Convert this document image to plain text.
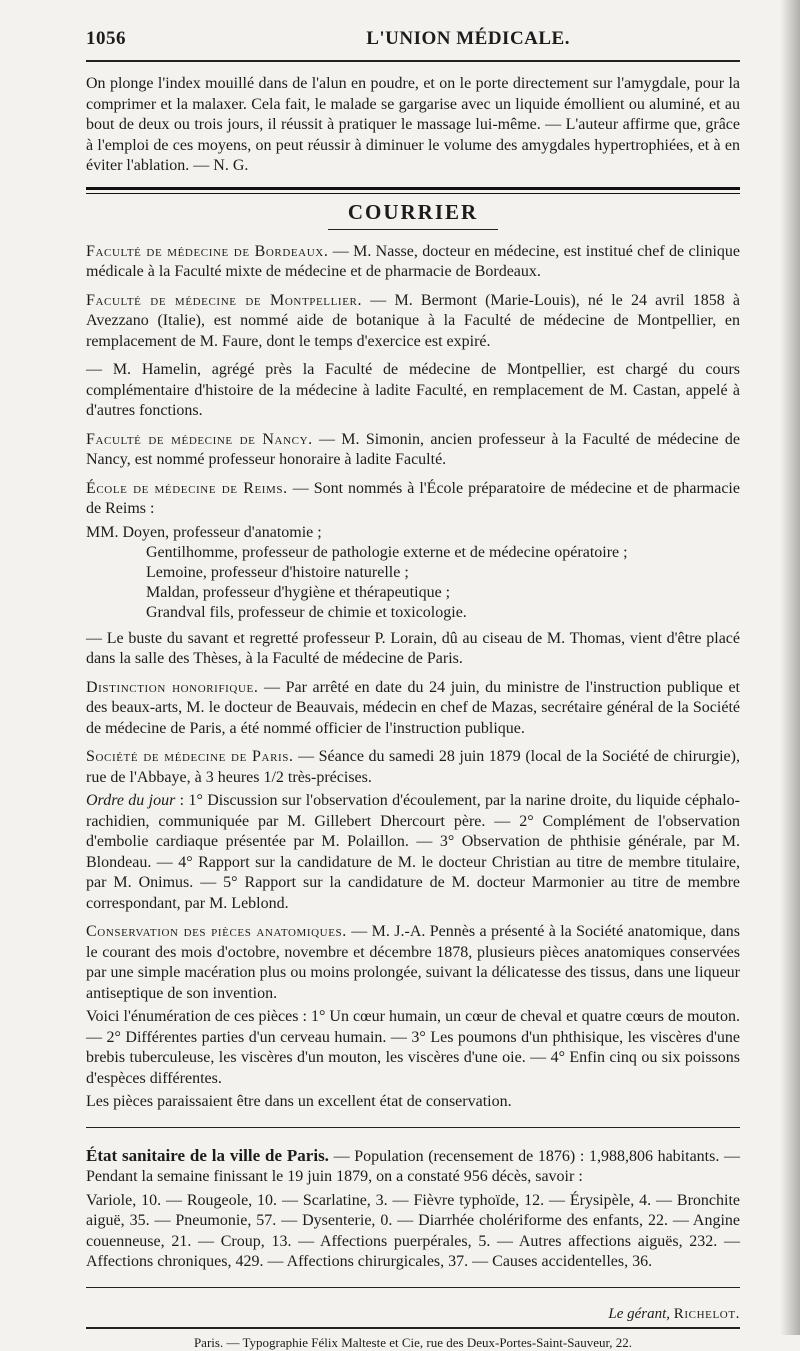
1056	L'UNION MÉDICALE.

On plonge l'index mouillé dans de l'alun en poudre, et on le porte directement sur l'amygdale, pour la comprimer et la malaxer. Cela fait, le malade se gargarise avec un liquide émollient ou aluminé, et au bout de deux ou trois jours, il réussit à pratiquer le massage lui-même. — L'auteur affirme que, grâce à l'emploi de ces moyens, on peut réussir à diminuer le volume des amygdales hypertrophiées, et à en éviter l'ablation. — N. G.

COURRIER

Faculté de médecine de Bordeaux. — M. Nasse, docteur en médecine, est institué chef de clinique médicale à la Faculté mixte de médecine et de pharmacie de Bordeaux.

Faculté de médecine de Montpellier. — M. Bermont (Marie-Louis), né le 24 avril 1858 à Avezzano (Italie), est nommé aide de botanique à la Faculté de médecine de Montpellier, en remplacement de M. Faure, dont le temps d'exercice est expiré.

— M. Hamelin, agrégé près la Faculté de médecine de Montpellier, est chargé du cours complémentaire d'histoire de la médecine à ladite Faculté, en remplacement de M. Castan, appelé à d'autres fonctions.

Faculté de médecine de Nancy. — M. Simonin, ancien professeur à la Faculté de médecine de Nancy, est nommé professeur honoraire à ladite Faculté.

École de médecine de Reims. — Sont nommés à l'École préparatoire de médecine et de pharmacie de Reims :

MM. Doyen, professeur d'anatomie ;
Gentilhomme, professeur de pathologie externe et de médecine opératoire ;
Lemoine, professeur d'histoire naturelle ;
Maldan, professeur d'hygiène et thérapeutique ;
Grandval fils, professeur de chimie et toxicologie.

— Le buste du savant et regretté professeur P. Lorain, dû au ciseau de M. Thomas, vient d'être placé dans la salle des Thèses, à la Faculté de médecine de Paris.

Distinction honorifique. — Par arrêté en date du 24 juin, du ministre de l'instruction publique et des beaux-arts, M. le docteur de Beauvais, médecin en chef de Mazas, secrétaire général de la Société de médecine de Paris, a été nommé officier de l'instruction publique.

Société de médecine de Paris. — Séance du samedi 28 juin 1879 (local de la Société de chirurgie), rue de l'Abbaye, à 3 heures 1/2 très-précises.

Ordre du jour : 1° Discussion sur l'observation d'écoulement, par la narine droite, du liquide céphalo-rachidien, communiquée par M. Gillebert Dhercourt père. — 2° Complément de l'observation d'embolie cardiaque présentée par M. Polaillon. — 3° Observation de phthisie générale, par M. Blondeau. — 4° Rapport sur la candidature de M. le docteur Christian au titre de membre titulaire, par M. Onimus. — 5° Rapport sur la candidature de M. docteur Marmonier au titre de membre correspondant, par M. Leblond.

Conservation des pièces anatomiques. — M. J.-A. Pennès a présenté à la Société anatomique, dans le courant des mois d'octobre, novembre et décembre 1878, plusieurs pièces anatomiques conservées par une simple macération plus ou moins prolongée, suivant la délicatesse des tissus, dans une liqueur antiseptique de son invention.

Voici l'énumération de ces pièces : 1° Un cœur humain, un cœur de cheval et quatre cœurs de mouton. — 2° Différentes parties d'un cerveau humain. — 3° Les poumons d'un phthisique, les viscères d'une brebis tuberculeuse, les viscères d'un mouton, les viscères d'une oie. — 4° Enfin cinq ou six poissons d'espèces différentes.

Les pièces paraissaient être dans un excellent état de conservation.

État sanitaire de la ville de Paris. — Population (recensement de 1876) : 1,988,806 habitants. — Pendant la semaine finissant le 19 juin 1879, on a constaté 956 décès, savoir :

Variole, 10. — Rougeole, 10. — Scarlatine, 3. — Fièvre typhoïde, 12. — Érysipèle, 4. — Bronchite aiguë, 35. — Pneumonie, 57. — Dysenterie, 0. — Diarrhée cholériforme des enfants, 22. — Angine couenneuse, 21. — Croup, 13. — Affections puerpérales, 5. — Autres affections aiguës, 232. — Affections chroniques, 429. — Affections chirurgicales, 37. — Causes accidentelles, 36.

Le gérant, Richelot.
Paris. — Typographie Félix Malteste et Cie, rue des Deux-Portes-Saint-Sauveur, 22.
